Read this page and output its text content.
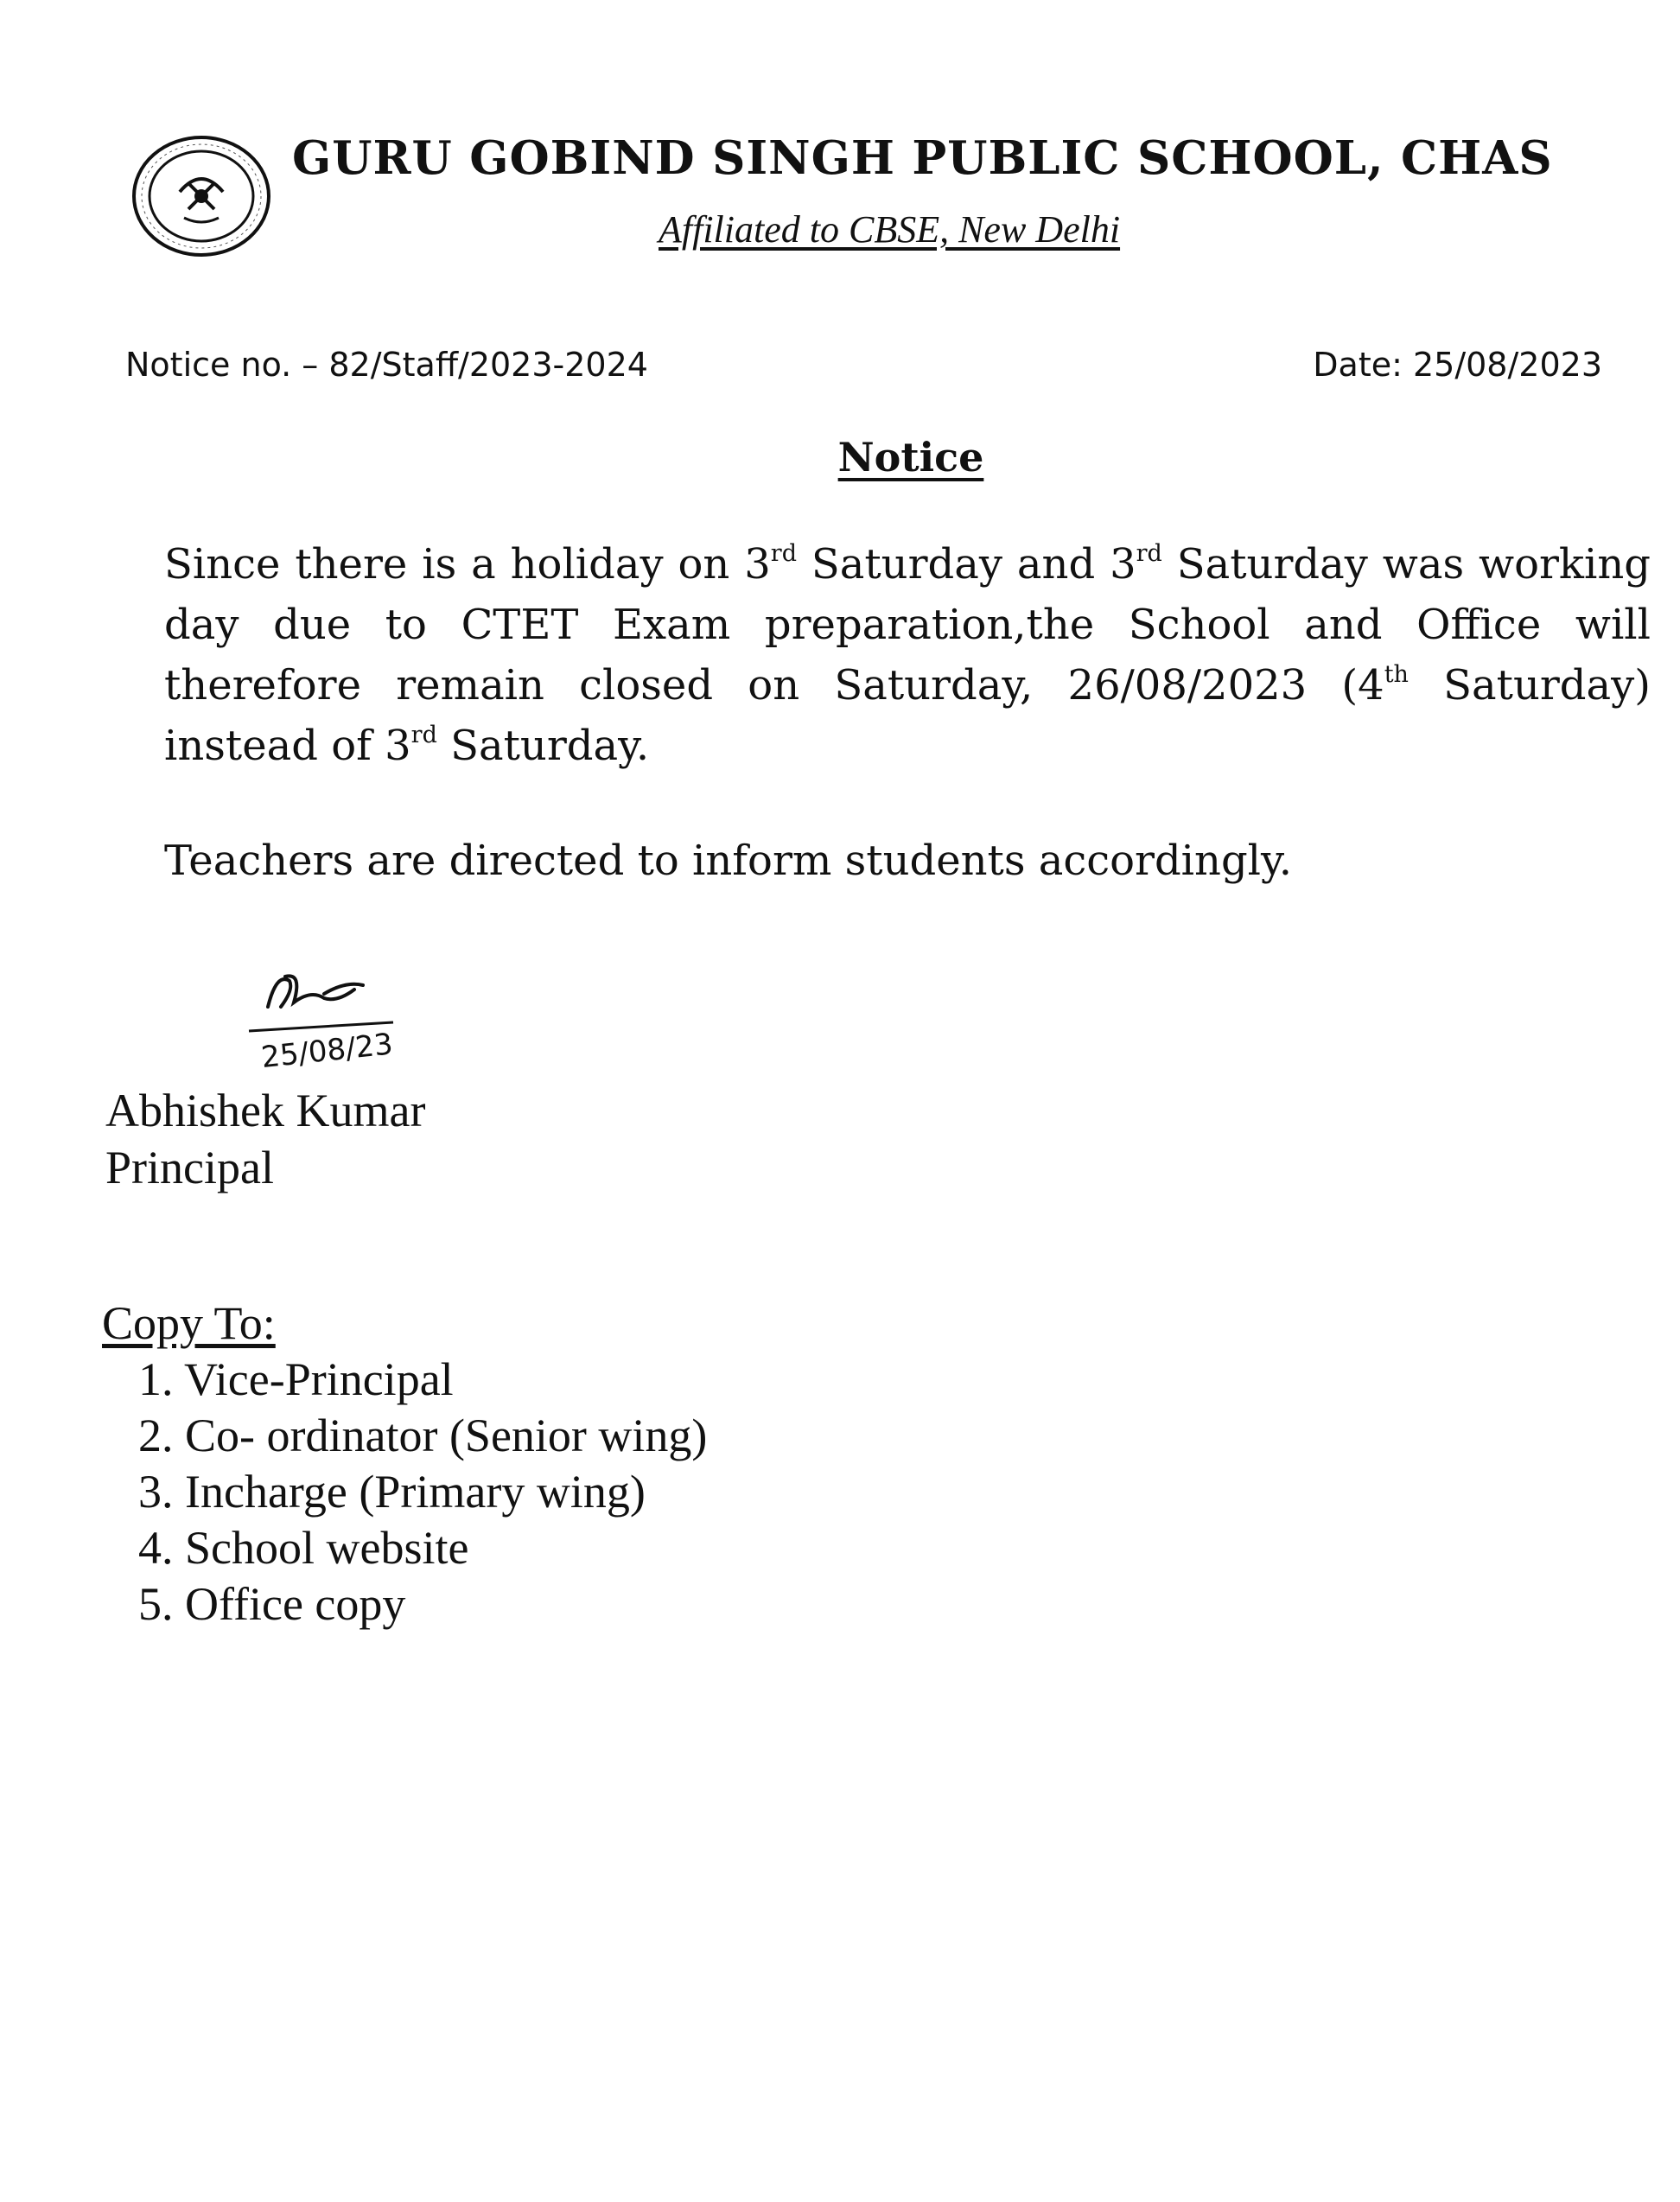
GURU GOBIND SINGH PUBLIC SCHOOL, CHAS
Affiliated to CBSE, New Delhi
Notice no. – 82/Staff/2023-2024	Date: 25/08/2023
Notice
Since there is a holiday on 3rd Saturday and 3rd Saturday was working day due to CTET Exam preparation,the School and Office will therefore remain closed on Saturday, 26/08/2023 (4th Saturday) instead of 3rd Saturday.
Teachers are directed to inform students accordingly.
25/08/23
Abhishek Kumar
Principal
Copy To:
1. Vice-Principal
2. Co- ordinator (Senior wing)
3. Incharge (Primary wing)
4. School website
5. Office copy
